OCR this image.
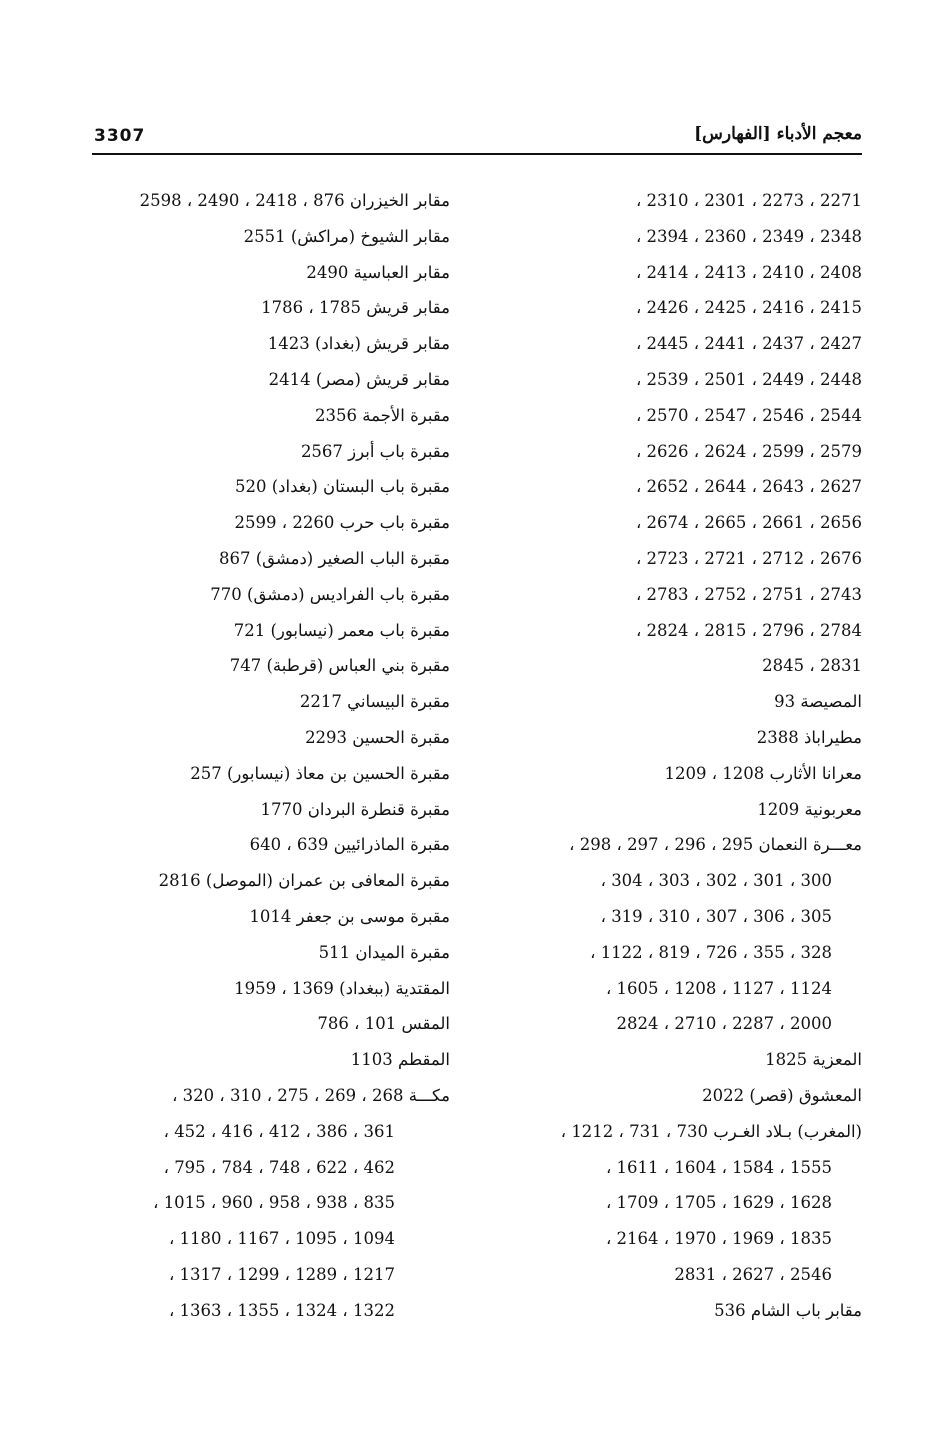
3307	معجم الأدباء [الفهارس]
2271 ، 2273 ، 2301 ، 2310 ،
2348 ، 2349 ، 2360 ، 2394 ،
2408 ، 2410 ، 2413 ، 2414 ،
2415 ، 2416 ، 2425 ، 2426 ،
2427 ، 2437 ، 2441 ، 2445 ،
2448 ، 2449 ، 2501 ، 2539 ،
2544 ، 2546 ، 2547 ، 2570 ،
2579 ، 2599 ، 2624 ، 2626 ،
2627 ، 2643 ، 2644 ، 2652 ،
2656 ، 2661 ، 2665 ، 2674 ،
2676 ، 2712 ، 2721 ، 2723 ،
2743 ، 2751 ، 2752 ، 2783 ،
2784 ، 2796 ، 2815 ، 2824 ،
2831 ، 2845
المصيصة 93
مطيراباذ 2388
معرانا الأثارب 1208 ، 1209
معربونية 1209
معـــرة النعمان 295 ، 296 ، 297 ، 298 ،
300 ، 301 ، 302 ، 303 ، 304 ،
305 ، 306 ، 307 ، 310 ، 319 ،
328 ، 355 ، 726 ، 819 ، 1122 ،
1124 ، 1127 ، 1208 ، 1605 ،
2000 ، 2287 ، 2710 ، 2824
المعزية 1825
المعشوق (قصر) 2022
(المغرب) بـلاد الغـرب 730 ، 731 ، 1212 ،
1555 ، 1584 ، 1604 ، 1611 ،
1628 ، 1629 ، 1705 ، 1709 ،
1835 ، 1969 ، 1970 ، 2164 ،
2546 ، 2627 ، 2831
مقابر باب الشام 536
مقابر الخيزران 876 ، 2418 ، 2490 ، 2598
مقابر الشيوخ (مراكش) 2551
مقابر العباسية 2490
مقابر قريش 1785 ، 1786
مقابر قريش (بغداد) 1423
مقابر قريش (مصر) 2414
مقبرة الأجمة 2356
مقبرة باب أبرز 2567
مقبرة باب البستان (بغداد) 520
مقبرة باب حرب 2260 ، 2599
مقبرة الباب الصغير (دمشق) 867
مقبرة باب الفراديس (دمشق) 770
مقبرة باب معمر (نيسابور) 721
مقبرة بني العباس (قرطبة) 747
مقبرة البيساني 2217
مقبرة الحسين 2293
مقبرة الحسين بن معاذ (نيسابور) 257
مقبرة قنطرة البردان 1770
مقبرة الماذرائيين 639 ، 640
مقبرة المعافى بن عمران (الموصل) 2816
مقبرة موسى بن جعفر 1014
مقبرة الميدان 511
المقتدية (ببغداد) 1369 ، 1959
المقس 101 ، 786
المقطم 1103
مكـــة 268 ، 269 ، 275 ، 310 ، 320 ،
361 ، 386 ، 412 ، 416 ، 452 ،
462 ، 622 ، 748 ، 784 ، 795 ،
835 ، 938 ، 958 ، 960 ، 1015 ،
1094 ، 1095 ، 1167 ، 1180 ،
1217 ، 1289 ، 1299 ، 1317 ،
1322 ، 1324 ، 1355 ، 1363 ،
